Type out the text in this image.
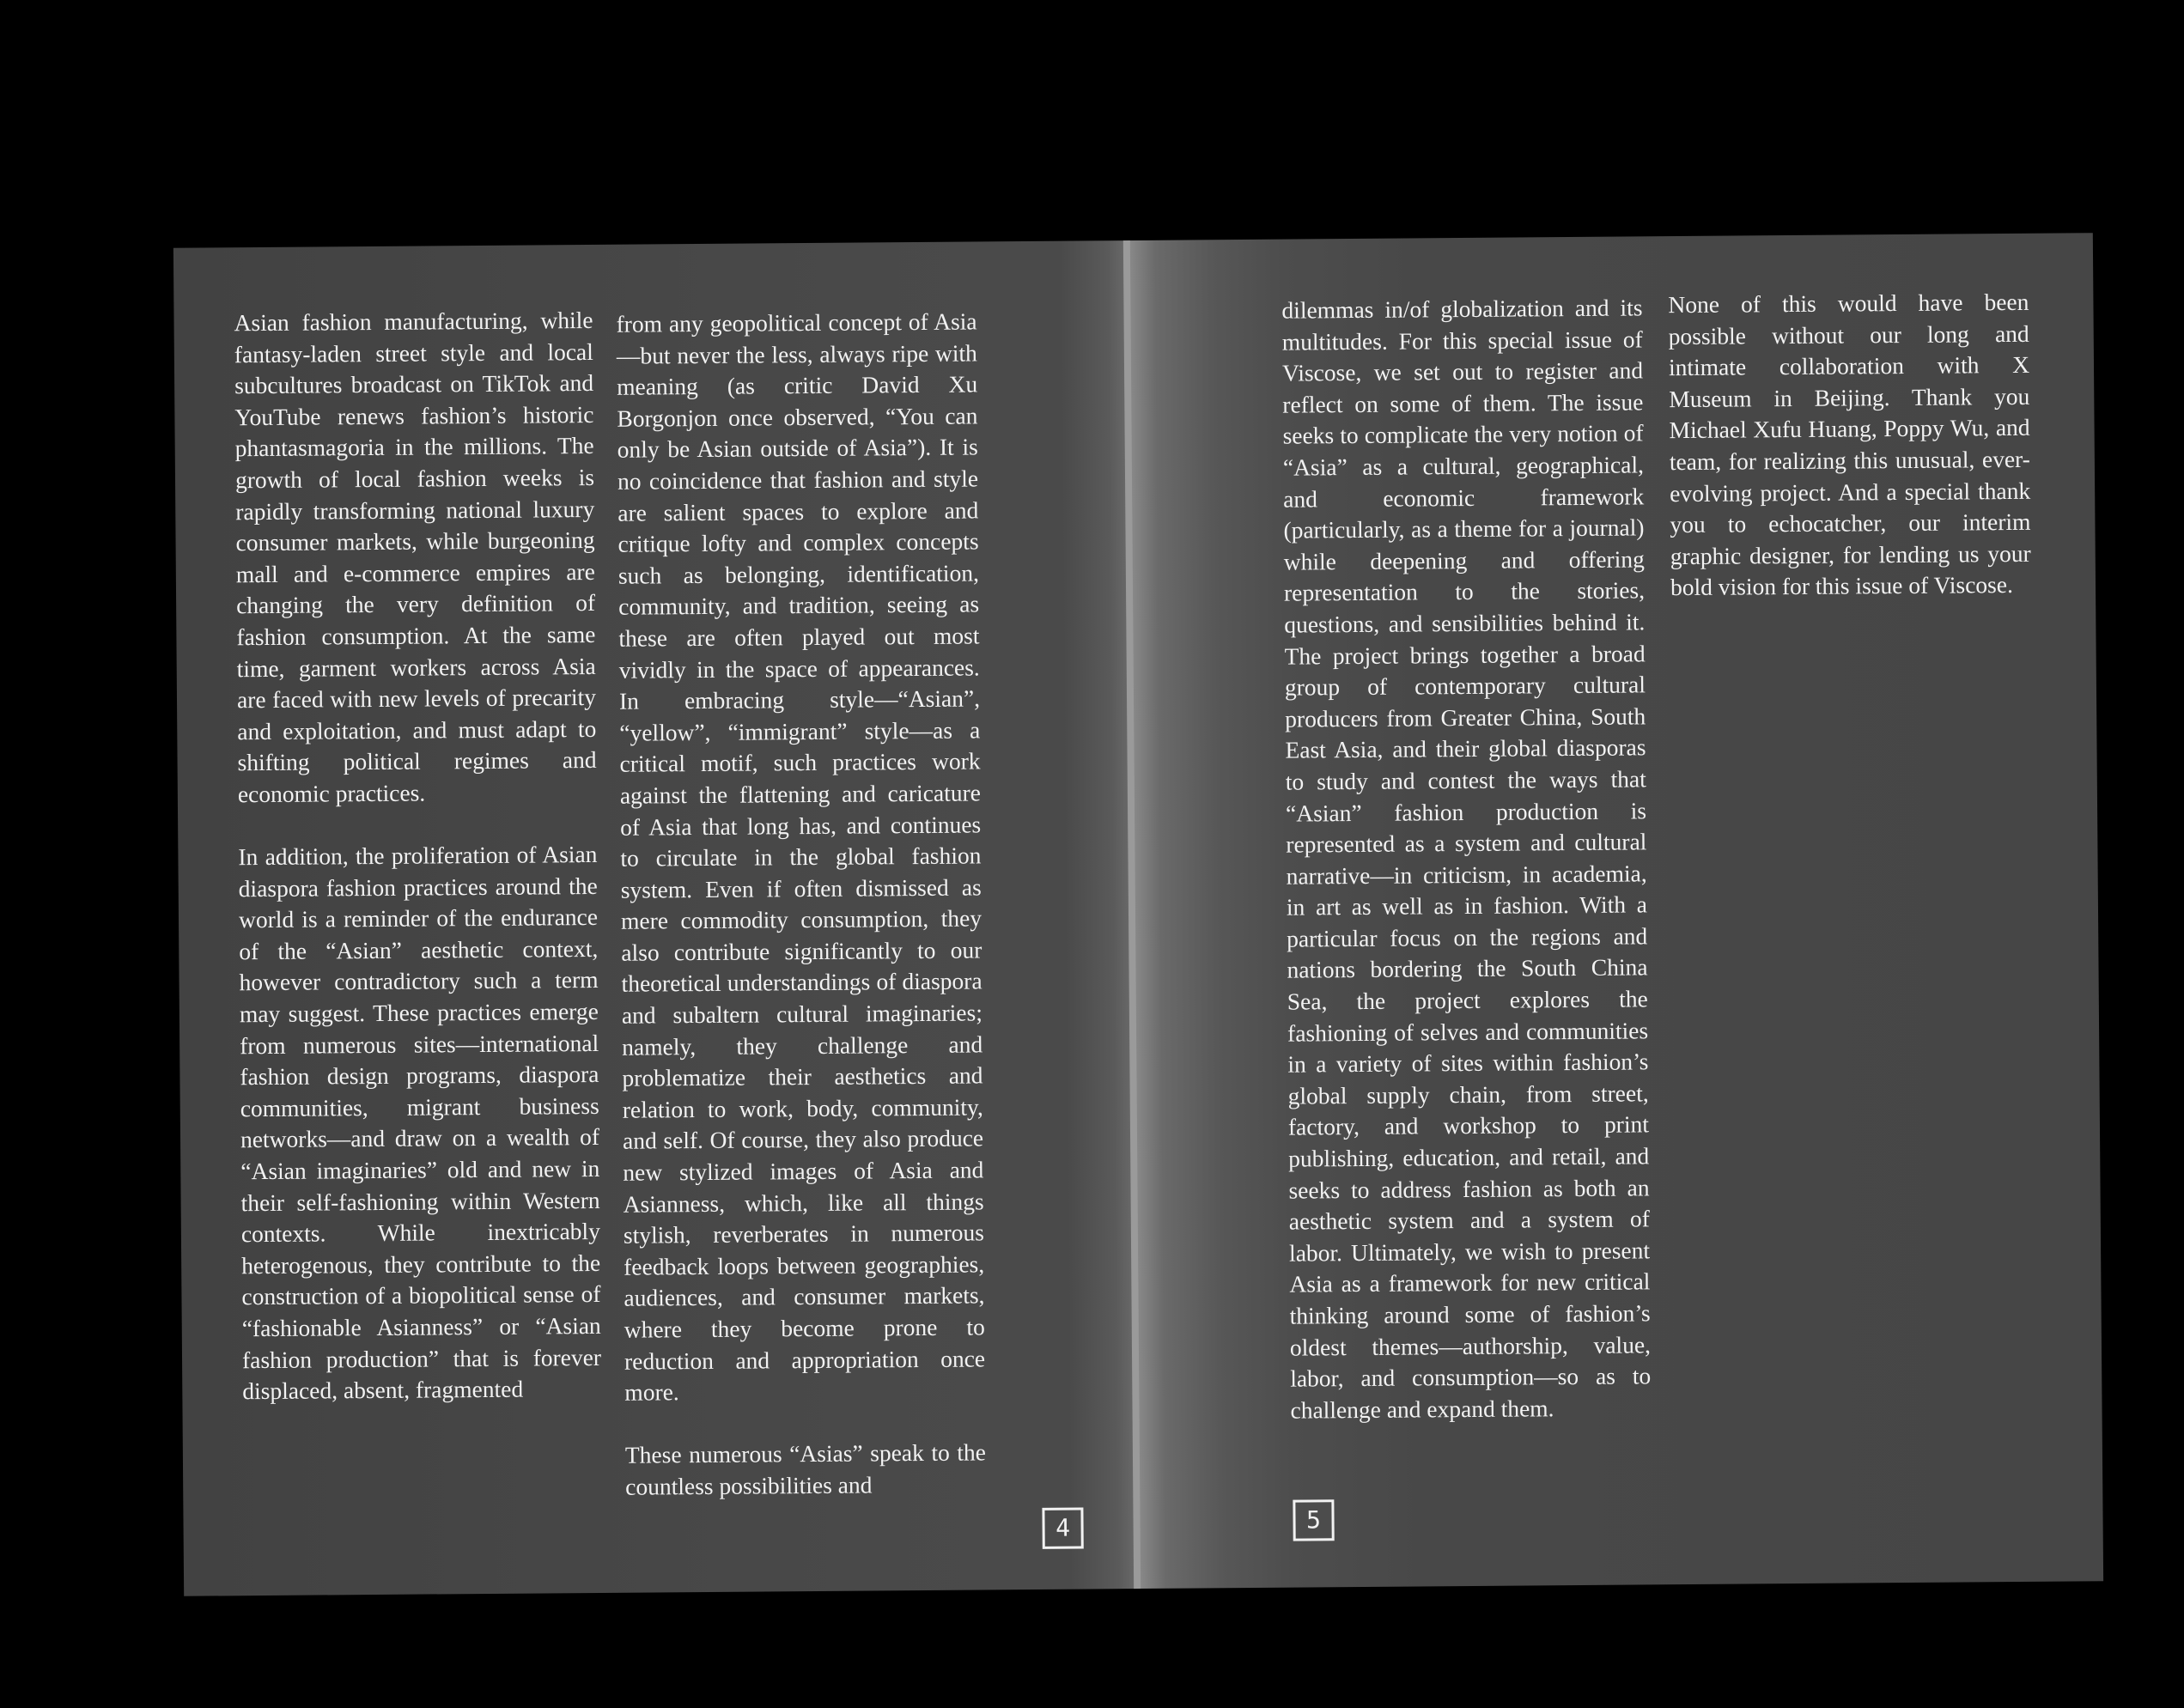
Asian fashion manufacturing, while fantasy-laden street style and local subcultures broadcast on TikTok and YouTube renews fashion’s historic phantasmagoria in the millions. The growth of local fashion weeks is rapidly transforming national luxury consumer markets, while burgeoning mall and e-commerce empires are changing the very definition of fashion consumption. At the same time, garment workers across Asia are faced with new levels of precarity and exploitation, and must adapt to shifting political regimes and economic practices.

In addition, the proliferation of Asian diaspora fashion practices around the world is a reminder of the endurance of the “Asian” aesthetic context, however contradictory such a term may suggest. These practices emerge from numerous sites—international fashion design programs, diaspora communities, migrant business networks—and draw on a wealth of “Asian imaginaries” old and new in their self-fashioning within Western contexts. While inextricably heterogenous, they contribute to the construction of a biopolitical sense of “fashionable Asianness” or “Asian fashion production” that is forever displaced, absent, fragmented

from any geopolitical concept of Asia—but never the less, always ripe with meaning (as critic David Xu Borgonjon once observed, “You can only be Asian outside of Asia”). It is no coincidence that fashion and style are salient spaces to explore and critique lofty and complex concepts such as belonging, identification, community, and tradition, seeing as these are often played out most vividly in the space of appearances. In embracing style—“Asian”, “yellow”, “immigrant” style—as a critical motif, such practices work against the flattening and caricature of Asia that long has, and continues to circulate in the global fashion system. Even if often dismissed as mere commodity consumption, they also contribute significantly to our theoretical understandings of diaspora and subaltern cultural imaginaries; namely, they challenge and problematize their aesthetics and relation to work, body, community, and self. Of course, they also produce new stylized images of Asia and Asianness, which, like all things stylish, reverberates in numerous feedback loops between geographies, audiences, and consumer markets, where they become prone to reduction and appropriation once more.

These numerous “Asias” speak to the countless possibilities and

4

dilemmas in/of globalization and its multitudes. For this special issue of Viscose, we set out to register and reflect on some of them. The issue seeks to complicate the very notion of “Asia” as a cultural, geographical, and economic framework (particularly, as a theme for a journal) while deepening and offering representation to the stories, questions, and sensibilities behind it. The project brings together a broad group of contemporary cultural producers from Greater China, South East Asia, and their global diasporas to study and contest the ways that “Asian” fashion production is represented as a system and cultural narrative—in criticism, in academia, in art as well as in fashion. With a particular focus on the regions and nations bordering the South China Sea, the project explores the fashioning of selves and communities in a variety of sites within fashion’s global supply chain, from street, factory, and workshop to print publishing, education, and retail, and seeks to address fashion as both an aesthetic system and a system of labor. Ultimately, we wish to present Asia as a framework for new critical thinking around some of fashion’s oldest themes—authorship, value, labor, and consumption—so as to challenge and expand them.

None of this would have been possible without our long and intimate collaboration with X Museum in Beijing. Thank you Michael Xufu Huang, Poppy Wu, and team, for realizing this unusual, ever-evolving project. And a special thank you to echocatcher, our interim graphic designer, for lending us your bold vision for this issue of Viscose.

5
